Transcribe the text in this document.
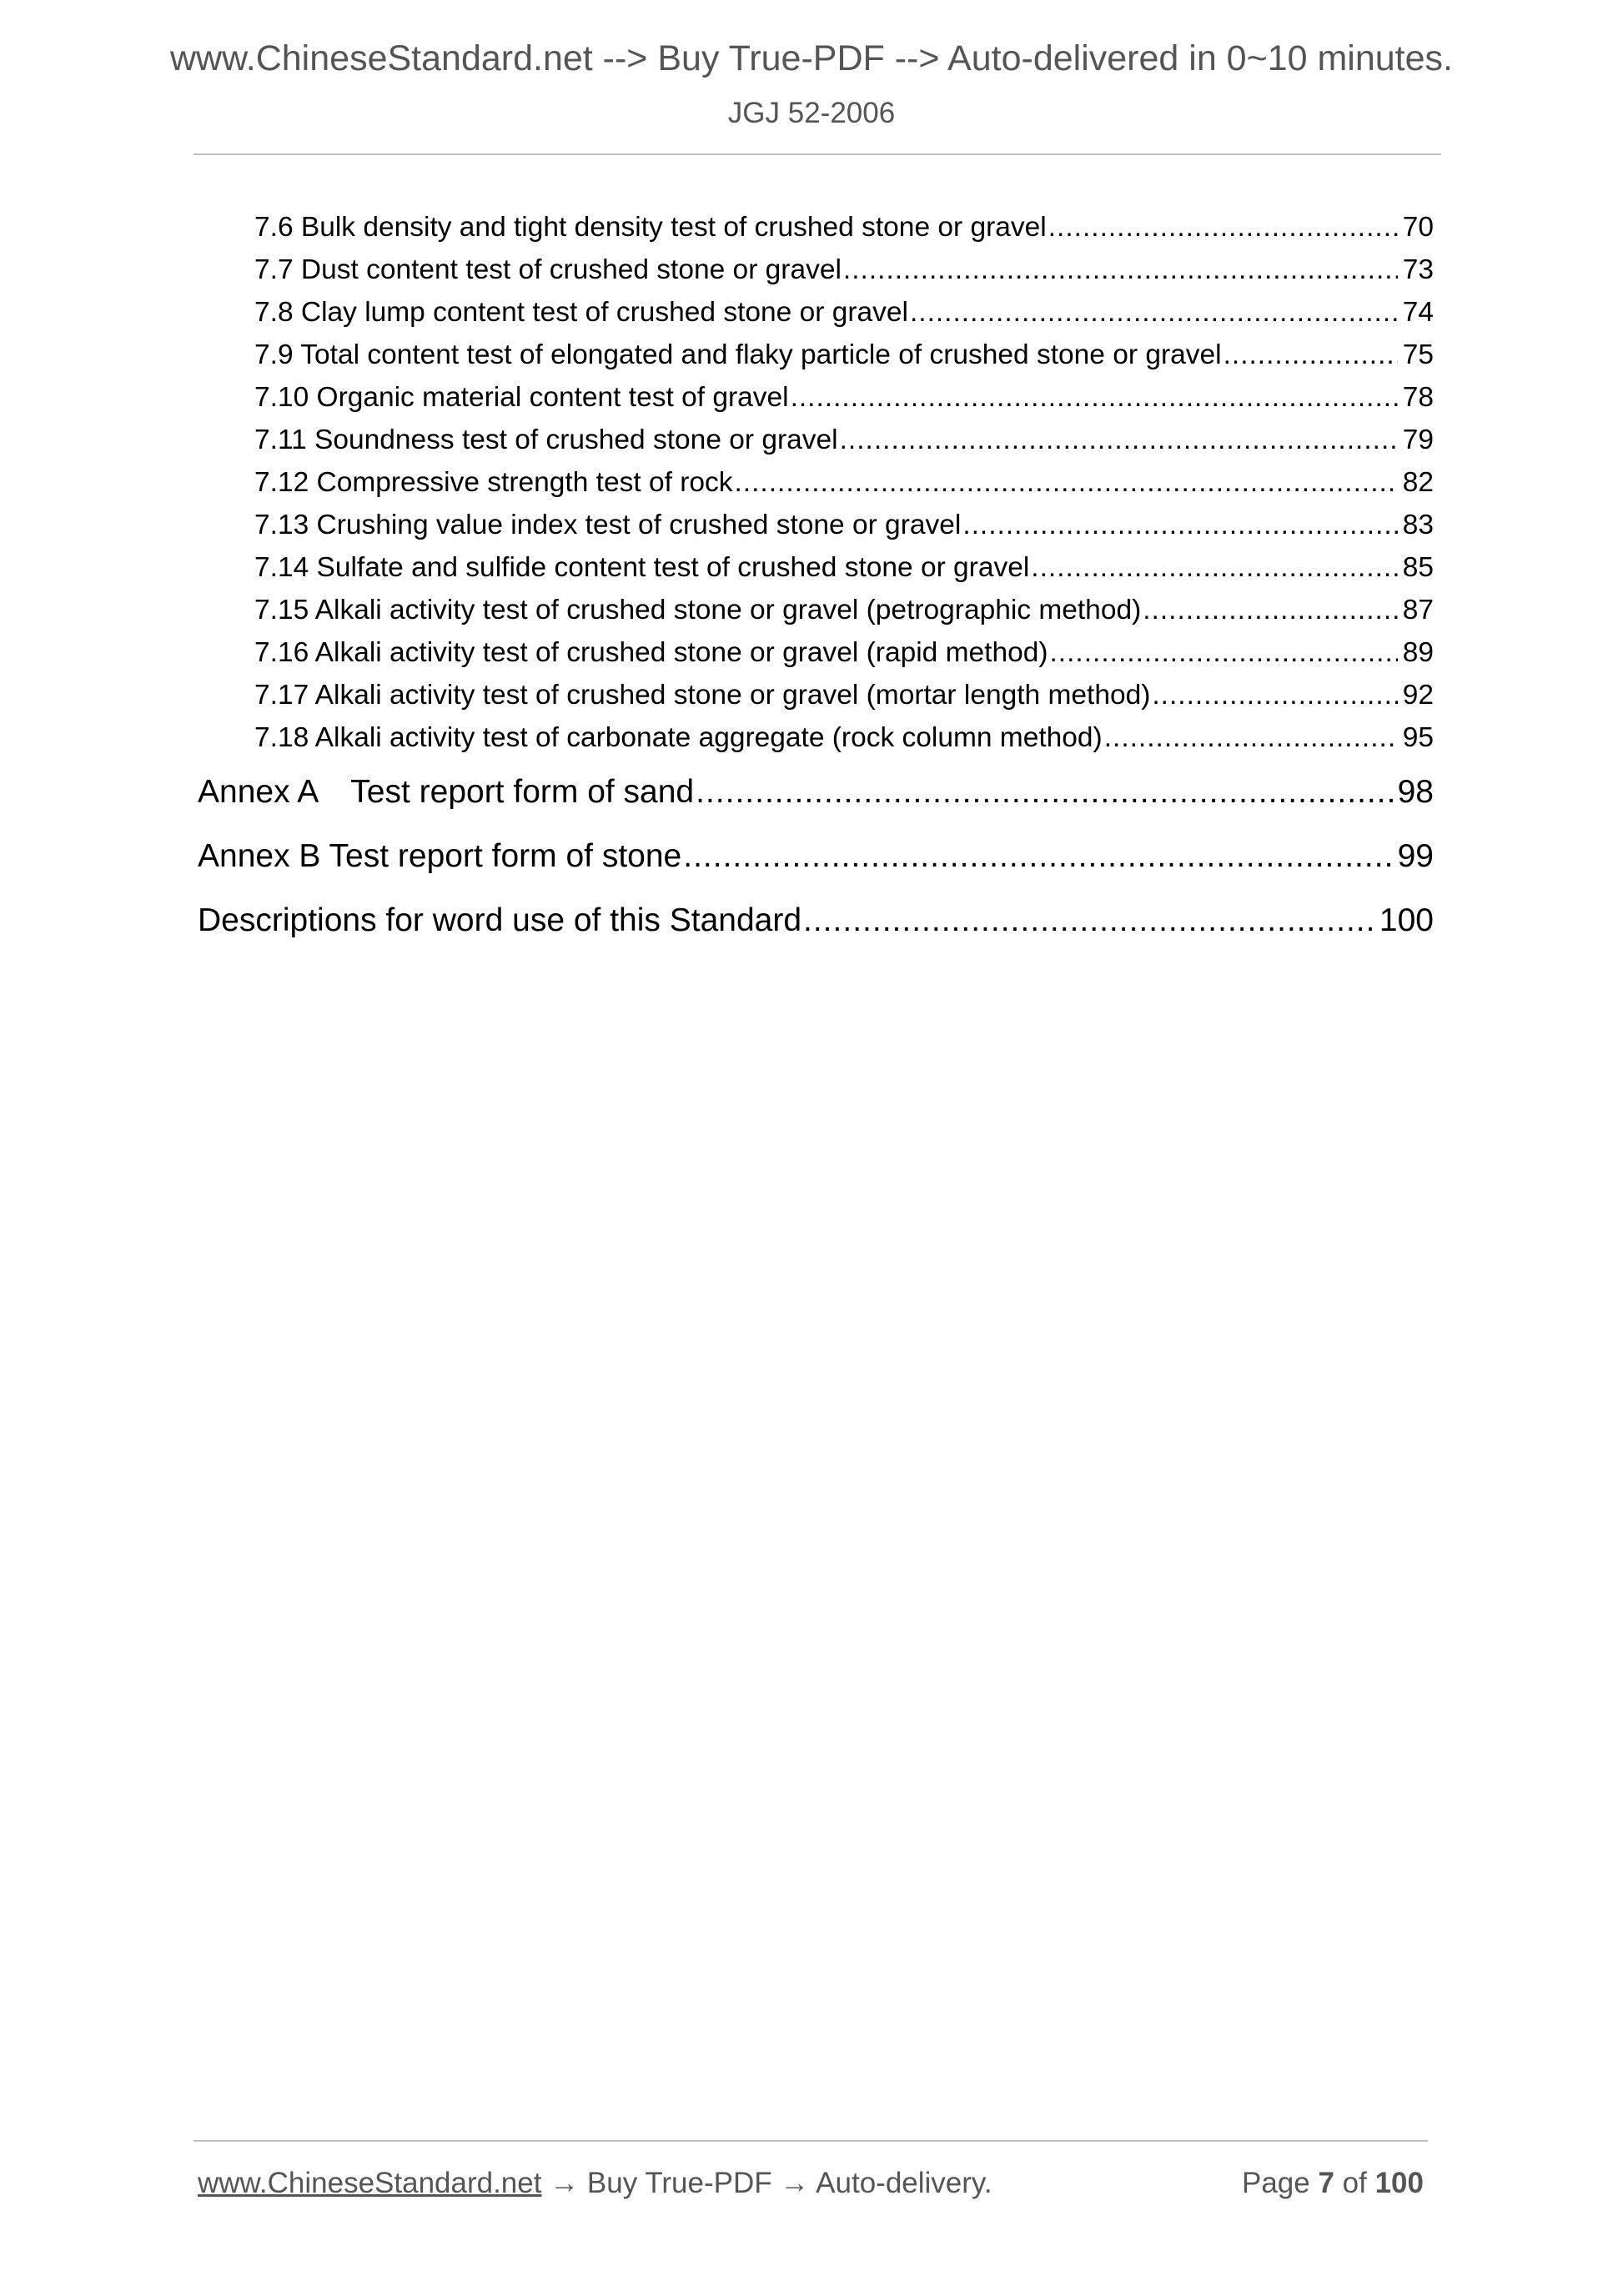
www.ChineseStandard.net --> Buy True-PDF --> Auto-delivered in 0~10 minutes.
JGJ 52-2006
7.6 Bulk density and tight density test of crushed stone or gravel .....	70
7.7 Dust content test of crushed stone or gravel .....	73
7.8 Clay lump content test of crushed stone or gravel .....	74
7.9 Total content test of elongated and flaky particle of crushed stone or gravel .....	75
7.10 Organic material content test of gravel .....	78
7.11 Soundness test of crushed stone or gravel .....	79
7.12 Compressive strength test of rock .....	82
7.13 Crushing value index test of crushed stone or gravel .....	83
7.14 Sulfate and sulfide content test of crushed stone or gravel .....	85
7.15 Alkali activity test of crushed stone or gravel (petrographic method) .....	87
7.16 Alkali activity test of crushed stone or gravel (rapid method) .....	89
7.17 Alkali activity test of crushed stone or gravel (mortar length method) .....	92
7.18 Alkali activity test of carbonate aggregate (rock column method) .....	95
Annex A Test report form of sand .....	98
Annex B Test report form of stone .....	99
Descriptions for word use of this Standard .....	100
www.ChineseStandard.net → Buy True-PDF → Auto-delivery.	Page 7 of 100
